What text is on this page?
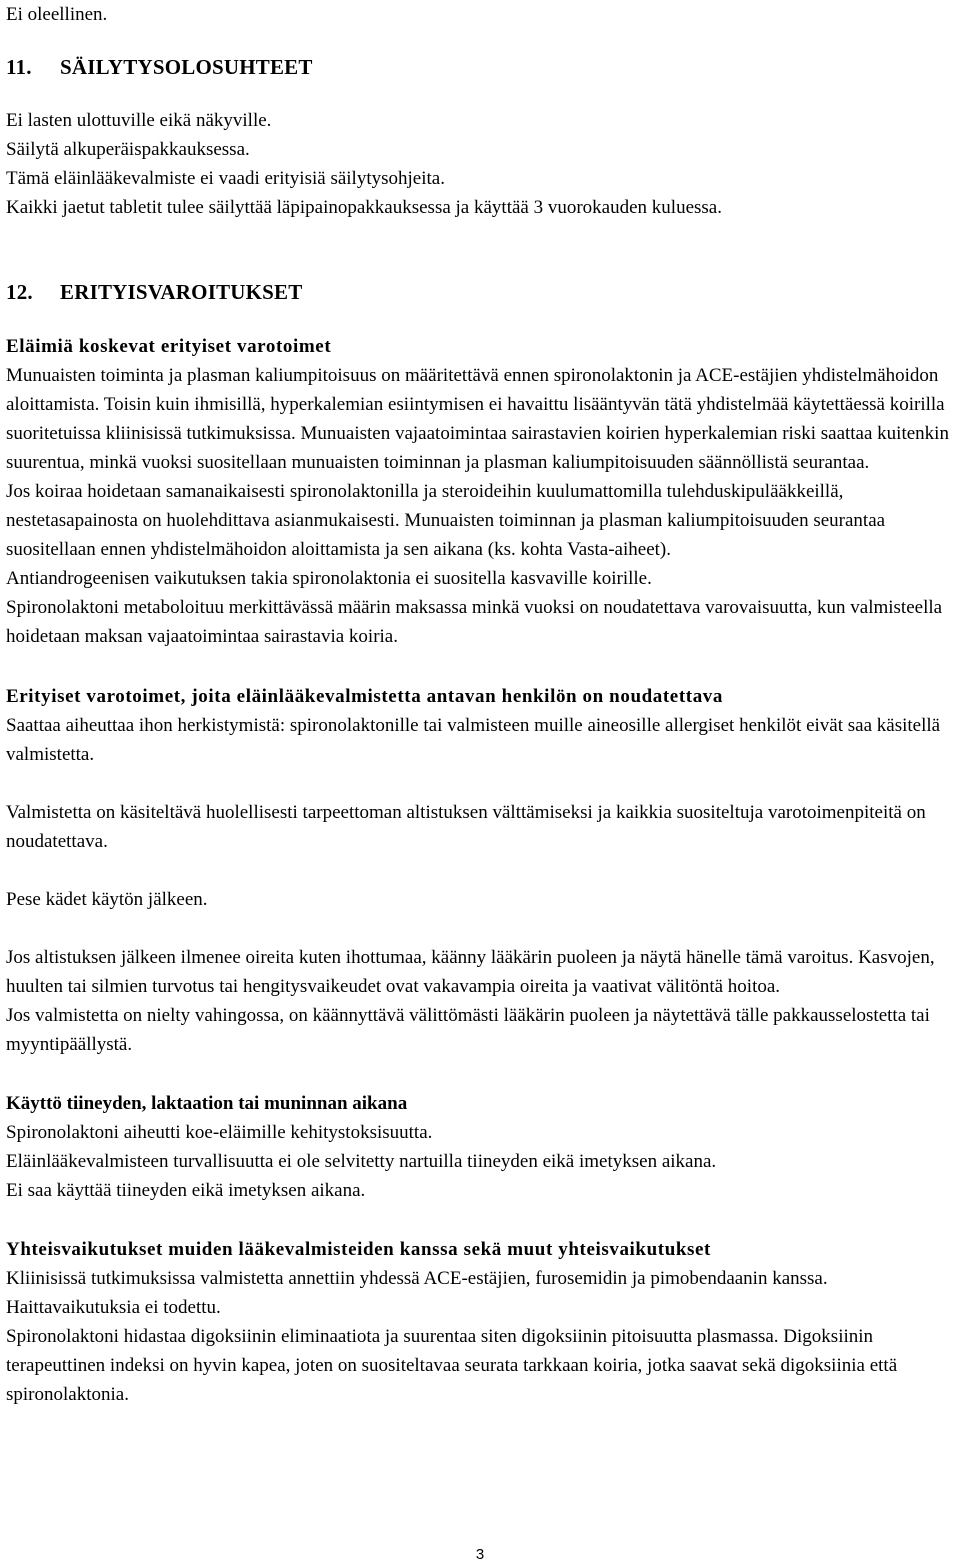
Ei oleellinen.

11. SÄILYTYSOLOSUHTEET

Ei lasten ulottuville eikä näkyville.

Säilytä alkuperäispakkauksessa.

Tämä eläinlääkevalmiste ei vaadi erityisiä säilytysohjeita.

Kaikki jaetut tabletit tulee säilyttää läpipainopakkauksessa ja käyttää 3 vuorokauden kuluessa.

12. ERITYISVAROITUKSET
Eläimiä koskevat erityiset varotoimet

Munuaisten toiminta ja plasman kaliumpitoisuus on määritettävä ennen spironolaktonin ja ACE-estäjien yhdistelmähoidon aloittamista. Toisin kuin ihmisillä, hyperkalemian esiintymisen ei havaittu lisääntyvän tätä yhdistelmää käytettäessä koirilla suoritetuissa kliinisissä tutkimuksissa. Munuaisten vajaatoimintaa sairastavien koirien hyperkalemian riski saattaa kuitenkin suurentua, minkä vuoksi suositellaan munuaisten toiminnan ja plasman kaliumpitoisuuden säännöllistä seurantaa.

Jos koiraa hoidetaan samanaikaisesti spironolaktonilla ja steroideihin kuulumattomilla tulehduskipulääkkeillä, nestetasapainosta on huolehdittava asianmukaisesti. Munuaisten toiminnan ja plasman kaliumpitoisuuden seurantaa suositellaan ennen yhdistelmähoidon aloittamista ja sen aikana (ks. kohta Vasta-aiheet).

Antiandrogeenisen vaikutuksen takia spironolaktonia ei suositella kasvaville koirille.

Spironolaktoni metaboloituu merkittävässä määrin maksassa minkä vuoksi on noudatettava varovaisuutta, kun valmisteella hoidetaan maksan vajaatoimintaa sairastavia koiria.

Erityiset varotoimet, joita eläinlääkevalmistetta antavan henkilön on noudatettava

Saattaa aiheuttaa ihon herkistymistä: spironolaktonille tai valmisteen muille aineosille allergiset henkilöt eivät saa käsitellä valmistetta.

Valmistetta on käsiteltävä huolellisesti tarpeettoman altistuksen välttämiseksi ja kaikkia suositeltuja varotoimenpiteitä on noudatettava.

Pese kädet käytön jälkeen.

Jos altistuksen jälkeen ilmenee oireita kuten ihottumaa, käänny lääkärin puoleen ja näytä hänelle tämä varoitus. Kasvojen, huulten tai silmien turvotus tai hengitysvaikeudet ovat vakavampia oireita ja vaativat välitöntä hoitoa.

Jos valmistetta on nielty vahingossa, on käännyttävä välittömästi lääkärin puoleen ja näytettävä tälle pakkausselostetta tai myyntipäällystä.

Käyttö tiineyden, laktaation tai muninnan aikana

Spironolaktoni aiheutti koe-eläimille kehitystoksisuutta.

Eläinlääkevalmisteen turvallisuutta ei ole selvitetty nartuilla tiineyden eikä imetyksen aikana.

Ei saa käyttää tiineyden eikä imetyksen aikana.

Yhteisvaikutukset muiden lääkevalmisteiden kanssa sekä muut yhteisvaikutukset

Kliinisissä tutkimuksissa valmistetta annettiin yhdessä ACE-estäjien, furosemidin ja pimobendaanin kanssa. Haittavaikutuksia ei todettu.

Spironolaktoni hidastaa digoksiinin eliminaatiota ja suurentaa siten digoksiinin pitoisuutta plasmassa. Digoksiinin terapeuttinen indeksi on hyvin kapea, joten on suositeltavaa seurata tarkkaan koiria, jotka saavat sekä digoksiinia että spironolaktonia.

3
